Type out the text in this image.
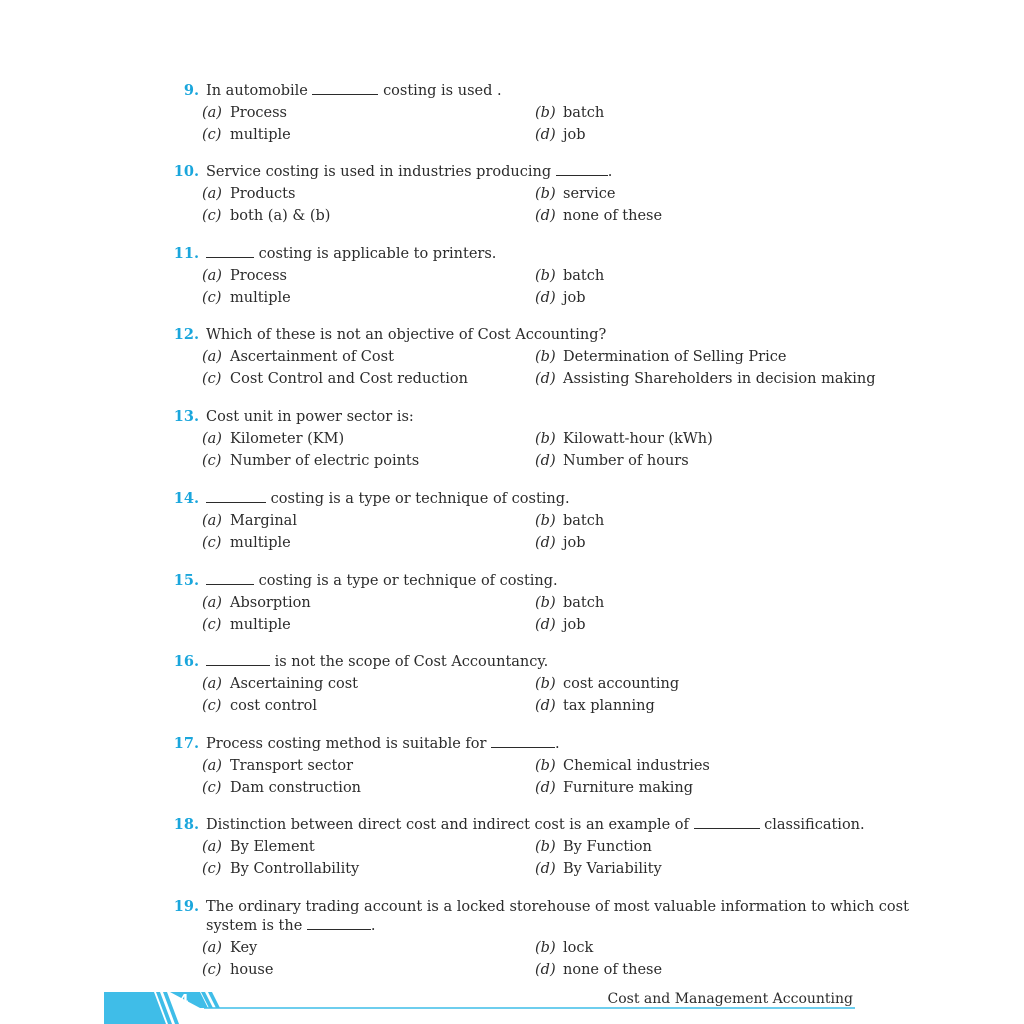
9. In automobile	costing is used .
(a) Process	(b) batch
(c) multiple	(d) job
10. Service costing is used in industries producing	.
(a) Products	(b) service
(c) both (a) & (b)	(d) none of these
11.	costing is applicable to printers.
(a) Process	(b) batch
(c) multiple	(d) job
12. Which of these is not an objective of Cost Accounting?
(a) Ascertainment of Cost	(b) Determination of Selling Price
(c) Cost Control and Cost reduction	(d) Assisting Shareholders in decision making
13. Cost unit in power sector is:
(a) Kilometer (KM)	(b) Kilowatt-hour (kWh)
(c) Number of electric points	(d) Number of hours
14.	costing is a type or technique of costing.
(a) Marginal	(b) batch
(c) multiple	(d) job
15.	costing is a type or technique of costing.
(a) Absorption	(b) batch
(c) multiple	(d) job
16.	is not the scope of Cost Accountancy.
(a) Ascertaining cost	(b) cost accounting
(c) cost control	(d) tax planning
17. Process costing method is suitable for	.
(a) Transport sector	(b) Chemical industries
(c) Dam construction	(d) Furniture making
18. Distinction between direct cost and indirect cost is an example of	classification.
(a) By Element	(b) By Function
(c) By Controllability	(d) By Variability
19. The ordinary trading account is a locked storehouse of most valuable information to which cost
system is the	.
(a) Key	(b) lock
(c) house	(d) none of these
4	Cost and Management Accounting
